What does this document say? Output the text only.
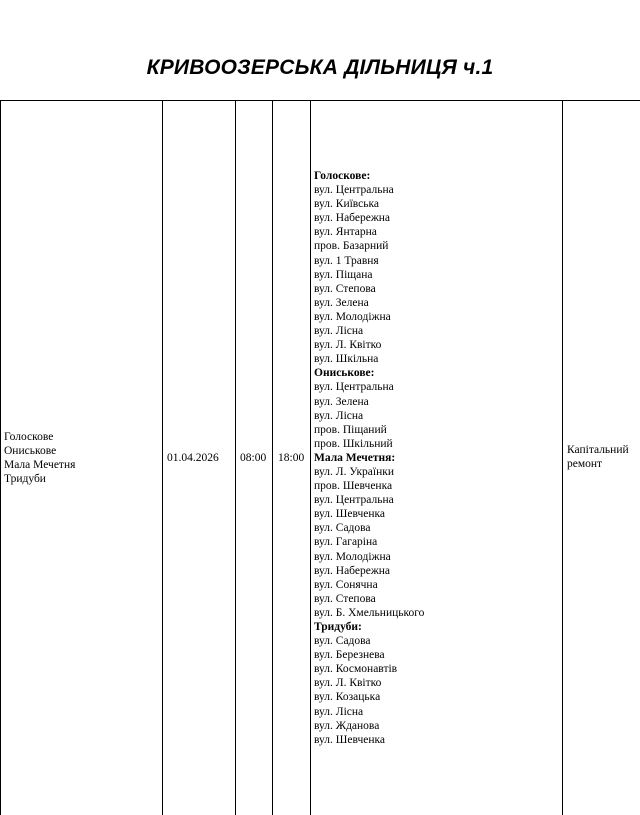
КРИВООЗЕРСЬКА ДІЛЬНИЦЯ ч.1
Голоскове
Ониськове
Мала Мечетня
Тридуби
01.04.2026 08:00 18:00
Голоскове:
вул. Центральна
вул. Київська
вул. Набережна
вул. Янтарна
пров. Базарний
вул. 1 Травня
вул. Піщана
вул. Степова
вул. Зелена
вул. Молодіжна
вул. Лісна
вул. Л. Квітко
вул. Шкільна
Ониськове:
вул. Центральна
вул. Зелена
вул. Лісна
пров. Піщаний
пров. Шкільний
Мала Мечетня:
вул. Л. Українки
пров. Шевченка
вул. Центральна
вул. Шевченка
вул. Садова
вул. Гагаріна
вул. Молодіжна
вул. Набережна
вул. Сонячна
вул. Степова
вул. Б. Хмельницького
Тридуби:
вул. Садова
вул. Березнева
вул. Космонавтів
вул. Л. Квітко
вул. Козацька
вул. Лісна
вул. Жданова
вул. Шевченка
Капітальний ремонт
